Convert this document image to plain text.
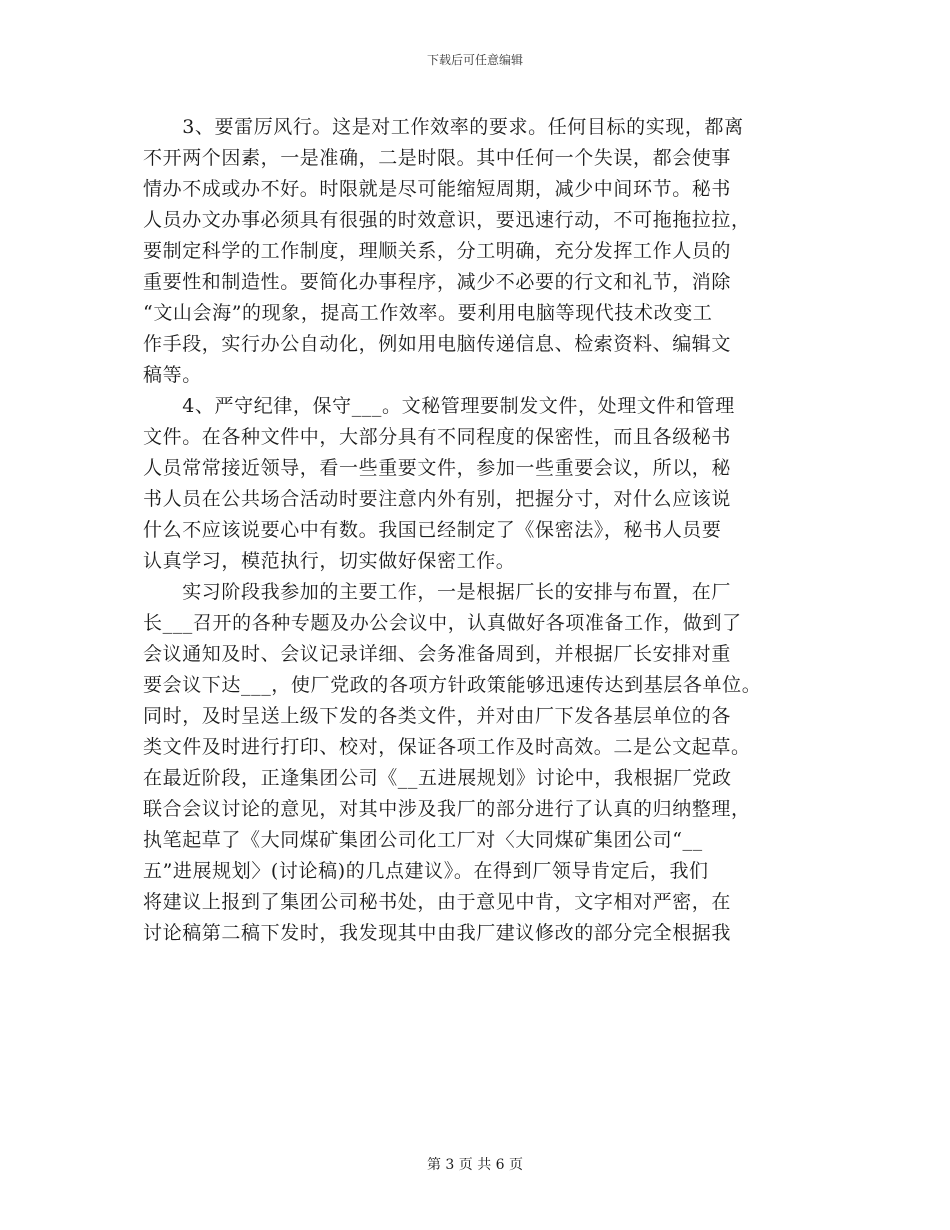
下载后可任意编辑
　　3、要雷厉风行。这是对工作效率的要求。任何目标的实现，都离
不开两个因素，一是准确，二是时限。其中任何一个失误，都会使事
情办不成或办不好。时限就是尽可能缩短周期，减少中间环节。秘书
人员办文办事必须具有很强的时效意识，要迅速行动，不可拖拖拉拉，
要制定科学的工作制度，理顺关系，分工明确，充分发挥工作人员的
重要性和制造性。要简化办事程序，减少不必要的行文和礼节，消除
“文山会海”的现象，提高工作效率。要利用电脑等现代技术改变工
作手段，实行办公自动化，例如用电脑传递信息、检索资料、编辑文
稿等。
　　4、严守纪律，保守___。文秘管理要制发文件，处理文件和管理
文件。在各种文件中，大部分具有不同程度的保密性，而且各级秘书
人员常常接近领导，看一些重要文件，参加一些重要会议，所以，秘
书人员在公共场合活动时要注意内外有别，把握分寸，对什么应该说
什么不应该说要心中有数。我国已经制定了《保密法》，秘书人员要
认真学习，模范执行，切实做好保密工作。
　　实习阶段我参加的主要工作，一是根据厂长的安排与布置，在厂
长___召开的各种专题及办公会议中，认真做好各项准备工作，做到了
会议通知及时、会议记录详细、会务准备周到，并根据厂长安排对重
要会议下达___，使厂党政的各项方针政策能够迅速传达到基层各单位。
同时，及时呈送上级下发的各类文件，并对由厂下发各基层单位的各
类文件及时进行打印、校对，保证各项工作及时高效。二是公文起草。
在最近阶段，正逢集团公司《__五进展规划》讨论中，我根据厂党政
联合会议讨论的意见，对其中涉及我厂的部分进行了认真的归纳整理，
执笔起草了《大同煤矿集团公司化工厂对〈大同煤矿集团公司“__
五”进展规划〉(讨论稿)的几点建议》。在得到厂领导肯定后，我们
将建议上报到了集团公司秘书处，由于意见中肯，文字相对严密，在
讨论稿第二稿下发时，我发现其中由我厂建议修改的部分完全根据我
第 3 页 共 6 页
